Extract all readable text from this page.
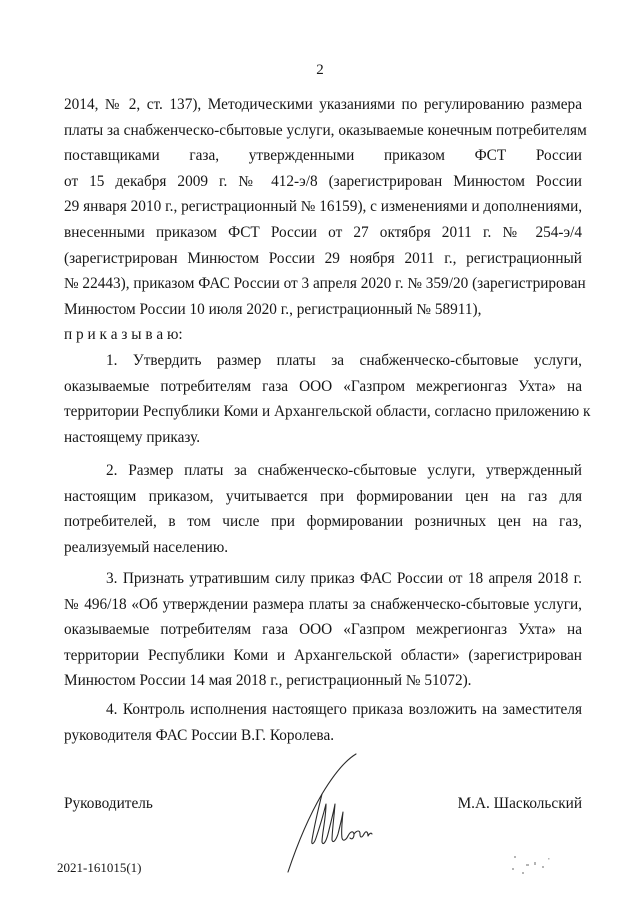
2
2014, № 2, ст. 137), Методическими указаниями по регулированию размера
платы за снабженческо-сбытовые услуги, оказываемые конечным потребителям
поставщиками газа, утвержденными приказом ФСТ России
от 15 декабря 2009 г. № 412-э/8 (зарегистрирован Минюстом России
29 января 2010 г., регистрационный № 16159), с изменениями и дополнениями,
внесенными приказом ФСТ России от 27 октября 2011 г. № 254-э/4
(зарегистрирован Минюстом России 29 ноября 2011 г., регистрационный
№ 22443), приказом ФАС России от 3 апреля 2020 г. № 359/20 (зарегистрирован
Минюстом России 10 июля 2020 г., регистрационный № 58911),
п р и к а з ы в а ю:
1. Утвердить размер платы за снабженческо-сбытовые услуги,
оказываемые потребителям газа ООО «Газпром межрегионгаз Ухта» на
территории Республики Коми и Архангельской области, согласно приложению к
настоящему приказу.
2. Размер платы за снабженческо-сбытовые услуги, утвержденный
настоящим приказом, учитывается при формировании цен на газ для
потребителей, в том числе при формировании розничных цен на газ,
реализуемый населению.
3. Признать утратившим силу приказ ФАС России от 18 апреля 2018 г.
№ 496/18 «Об утверждении размера платы за снабженческо-сбытовые услуги,
оказываемые потребителям газа ООО «Газпром межрегионгаз Ухта» на
территории Республики Коми и Архангельской области» (зарегистрирован
Минюстом России 14 мая 2018 г., регистрационный № 51072).
4. Контроль исполнения настоящего приказа возложить на заместителя
руководителя ФАС России В.Г. Королева.
Руководитель	М.А. Шаскольский
2021-161015(1)
